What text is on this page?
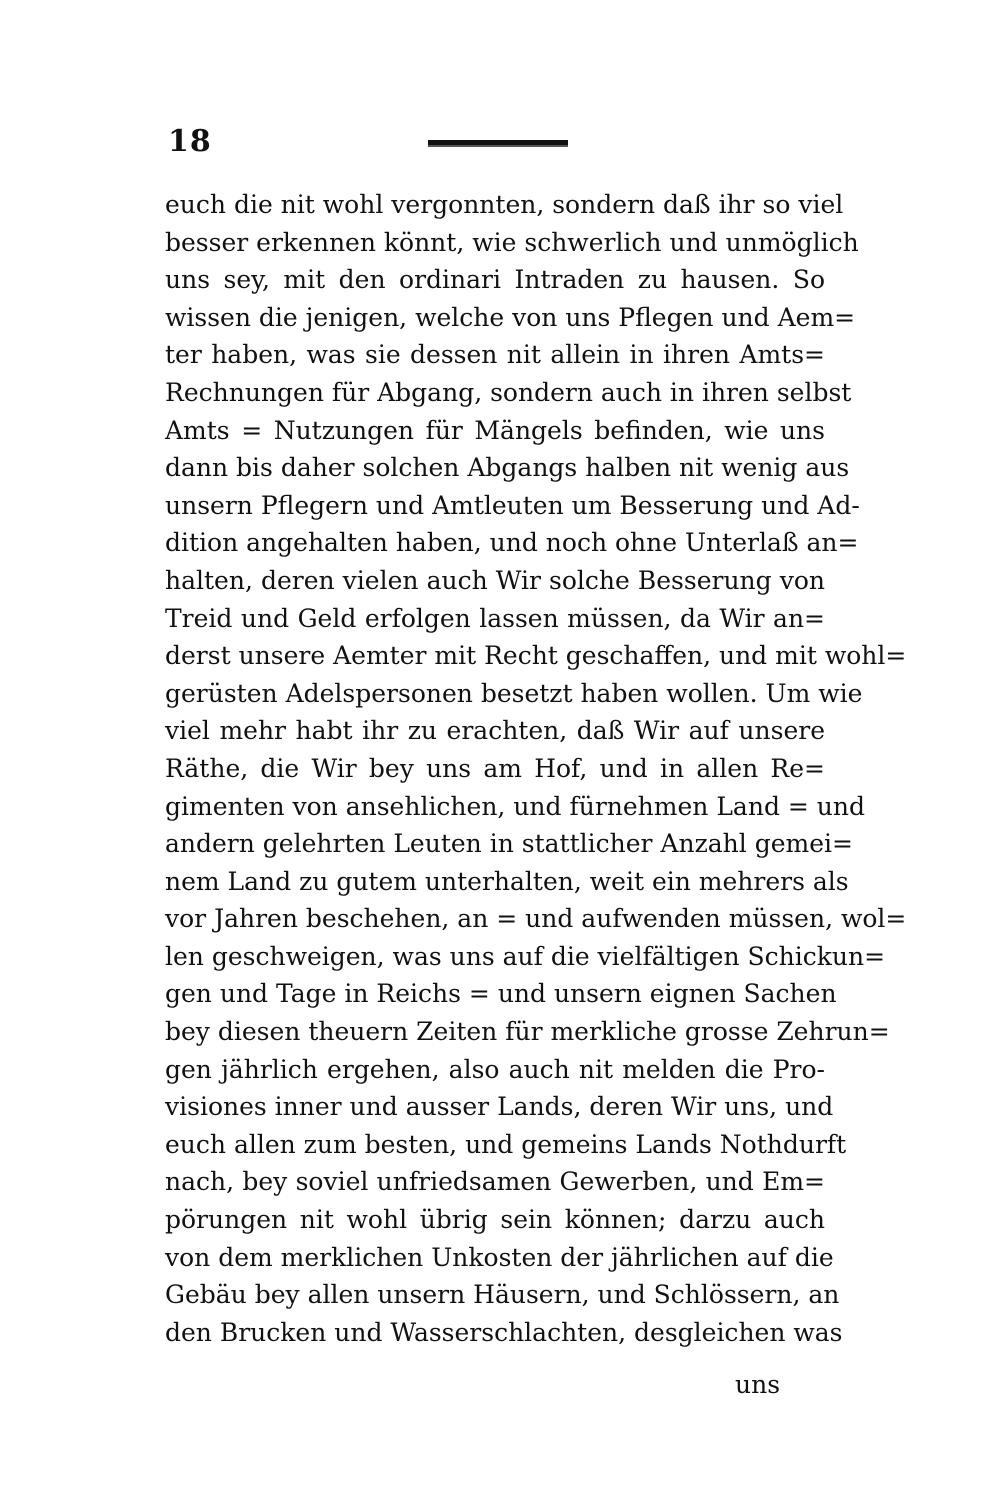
18
euch die nit wohl vergonnten, sondern daß ihr so viel
besser erkennen könnt, wie schwerlich und unmöglich
uns sey, mit den ordinari Intraden zu hausen. So
wissen die jenigen, welche von uns Pflegen und Aem=
ter haben, was sie dessen nit allein in ihren Amts=
Rechnungen für Abgang, sondern auch in ihren selbst
Amts = Nutzungen für Mängels befinden, wie uns
dann bis daher solchen Abgangs halben nit wenig aus
unsern Pflegern und Amtleuten um Besserung und Ad-
dition angehalten haben, und noch ohne Unterlaß an=
halten, deren vielen auch Wir solche Besserung von
Treid und Geld erfolgen lassen müssen, da Wir an=
derst unsere Aemter mit Recht geschaffen, und mit wohl=
gerüsten Adelspersonen besetzt haben wollen. Um wie
viel mehr habt ihr zu erachten, daß Wir auf unsere
Räthe, die Wir bey uns am Hof, und in allen Re=
gimenten von ansehlichen, und fürnehmen Land = und
andern gelehrten Leuten in stattlicher Anzahl gemei=
nem Land zu gutem unterhalten, weit ein mehrers als
vor Jahren beschehen, an = und aufwenden müssen, wol=
len geschweigen, was uns auf die vielfältigen Schickun=
gen und Tage in Reichs = und unsern eignen Sachen
bey diesen theuern Zeiten für merkliche grosse Zehrun=
gen jährlich ergehen, also auch nit melden die Pro-
visiones inner und ausser Lands, deren Wir uns, und
euch allen zum besten, und gemeins Lands Nothdurft
nach, bey soviel unfriedsamen Gewerben, und Em=
pörungen nit wohl übrig sein können; darzu auch
von dem merklichen Unkosten der jährlichen auf die
Gebäu bey allen unsern Häusern, und Schlössern, an
den Brucken und Wasserschlachten, desgleichen was
uns
